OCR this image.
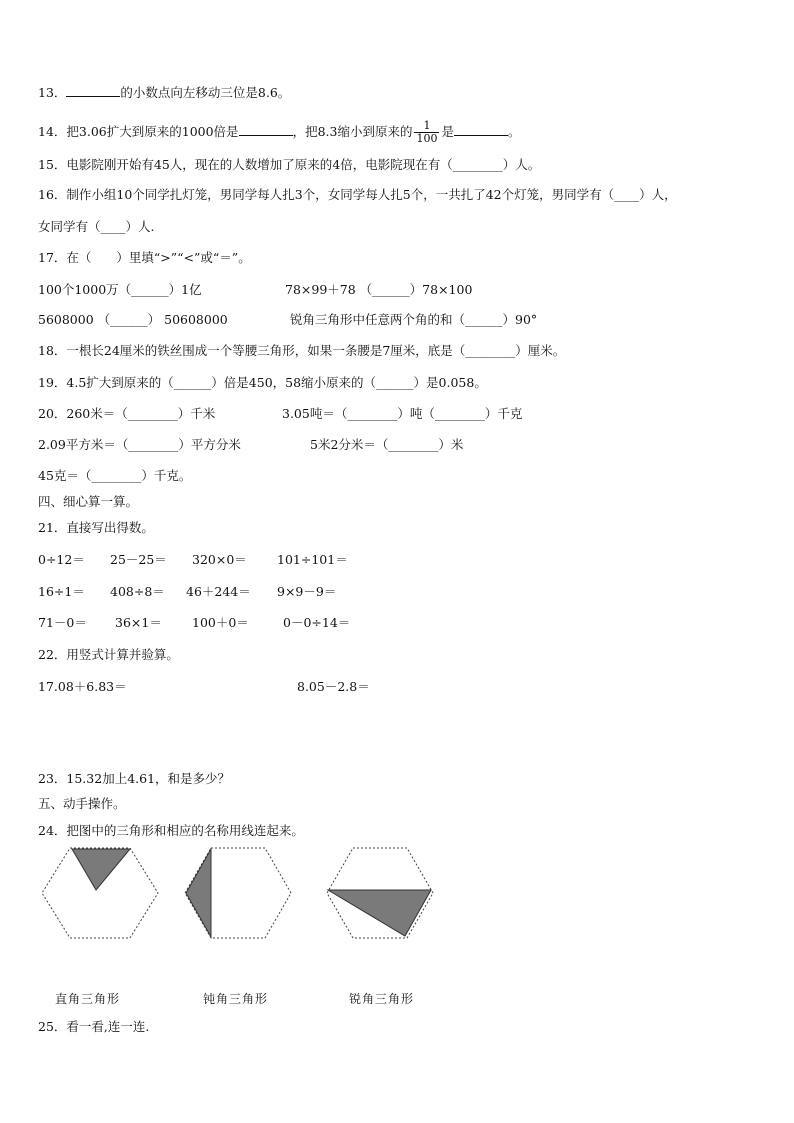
13．	的小数点向左移动三位是8.6。
14．把3.06扩大到原来的1000倍是	，把8.3缩小到原来的 $\frac{1}{100}$ 是	。
15．电影院刚开始有45人，现在的人数增加了原来的4倍，电影院现在有（________）人。
16．制作小组10个同学扎灯笼，男同学每人扎3个，女同学每人扎5个，一共扎了42个灯笼，男同学有（____）人，
女同学有（____）人.
17．在（　　）里填“>”“<”或“＝”。
100个1000万（______）1亿	78×99＋78 （______）78×100
5608000 （______） 50608000	锐角三角形中任意两个角的和（______）90°
18．一根长24厘米的铁丝围成一个等腰三角形，如果一条腰是7厘米，底是（________）厘米。
19．4.5扩大到原来的（______）倍是450，58缩小原来的（______）是0.058。
20．260米＝（________）千米	3.05吨＝（________）吨（________）千克
2.09平方米＝（________）平方分米	5米2分米＝（________）米
45克＝（________）千克。
四、细心算一算。
21．直接写出得数。
0÷12＝ 25－25＝ 320×0＝ 101÷101＝
16÷1＝ 408÷8＝ 46＋244＝ 9×9－9＝
71－0＝ 36×1＝ 100＋0＝	0－0÷14＝
22．用竖式计算并验算。
17.08＋6.83＝	8.05－2.8＝
23．15.32加上4.61，和是多少？
五、动手操作。
24．把图中的三角形和相应的名称用线连起来。
直角三角形	钝角三角形	锐角三角形
25．看一看,连一连.
